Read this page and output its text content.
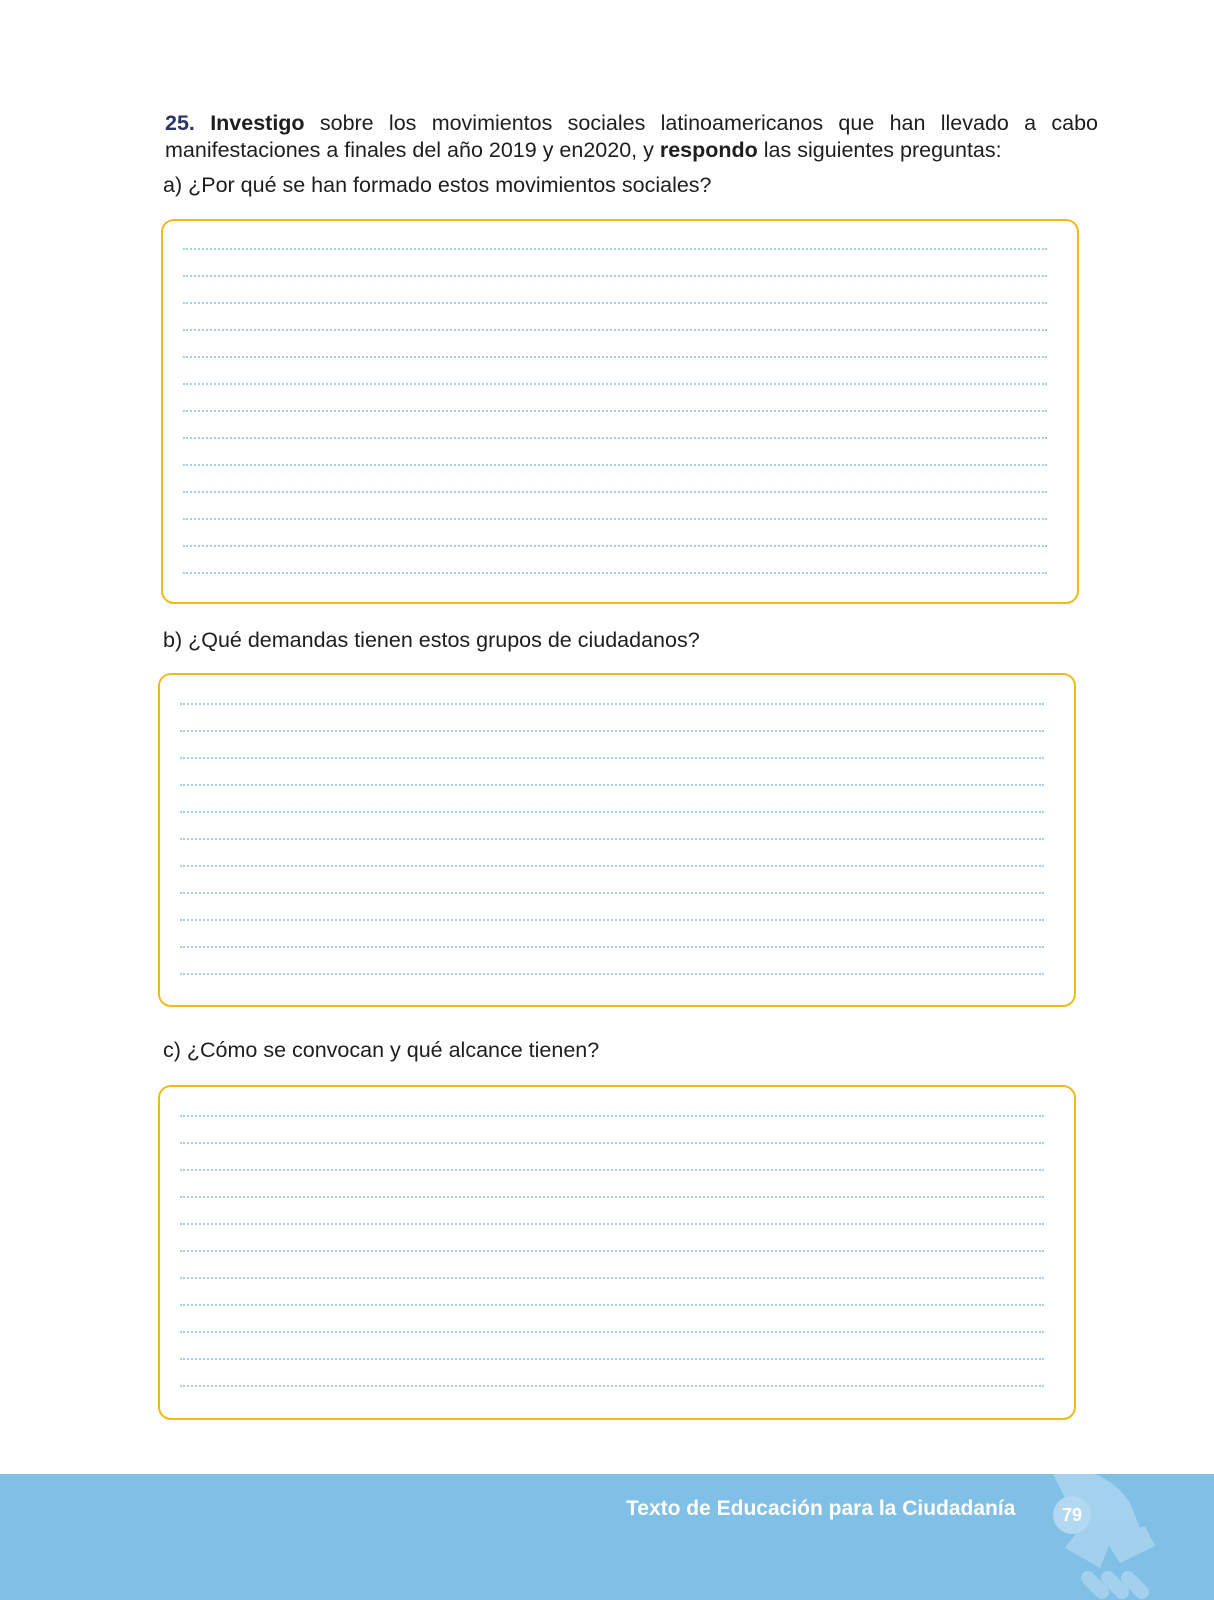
25. Investigo sobre los movimientos sociales latinoamericanos que han llevado a cabo manifestaciones a finales del año 2019 y en2020, y respondo las siguientes preguntas:
a) ¿Por qué se han formado estos movimientos sociales?
b) ¿Qué demandas tienen estos grupos de ciudadanos?
c) ¿Cómo se convocan y qué alcance tienen?
Texto de Educación para la Ciudadanía	79
